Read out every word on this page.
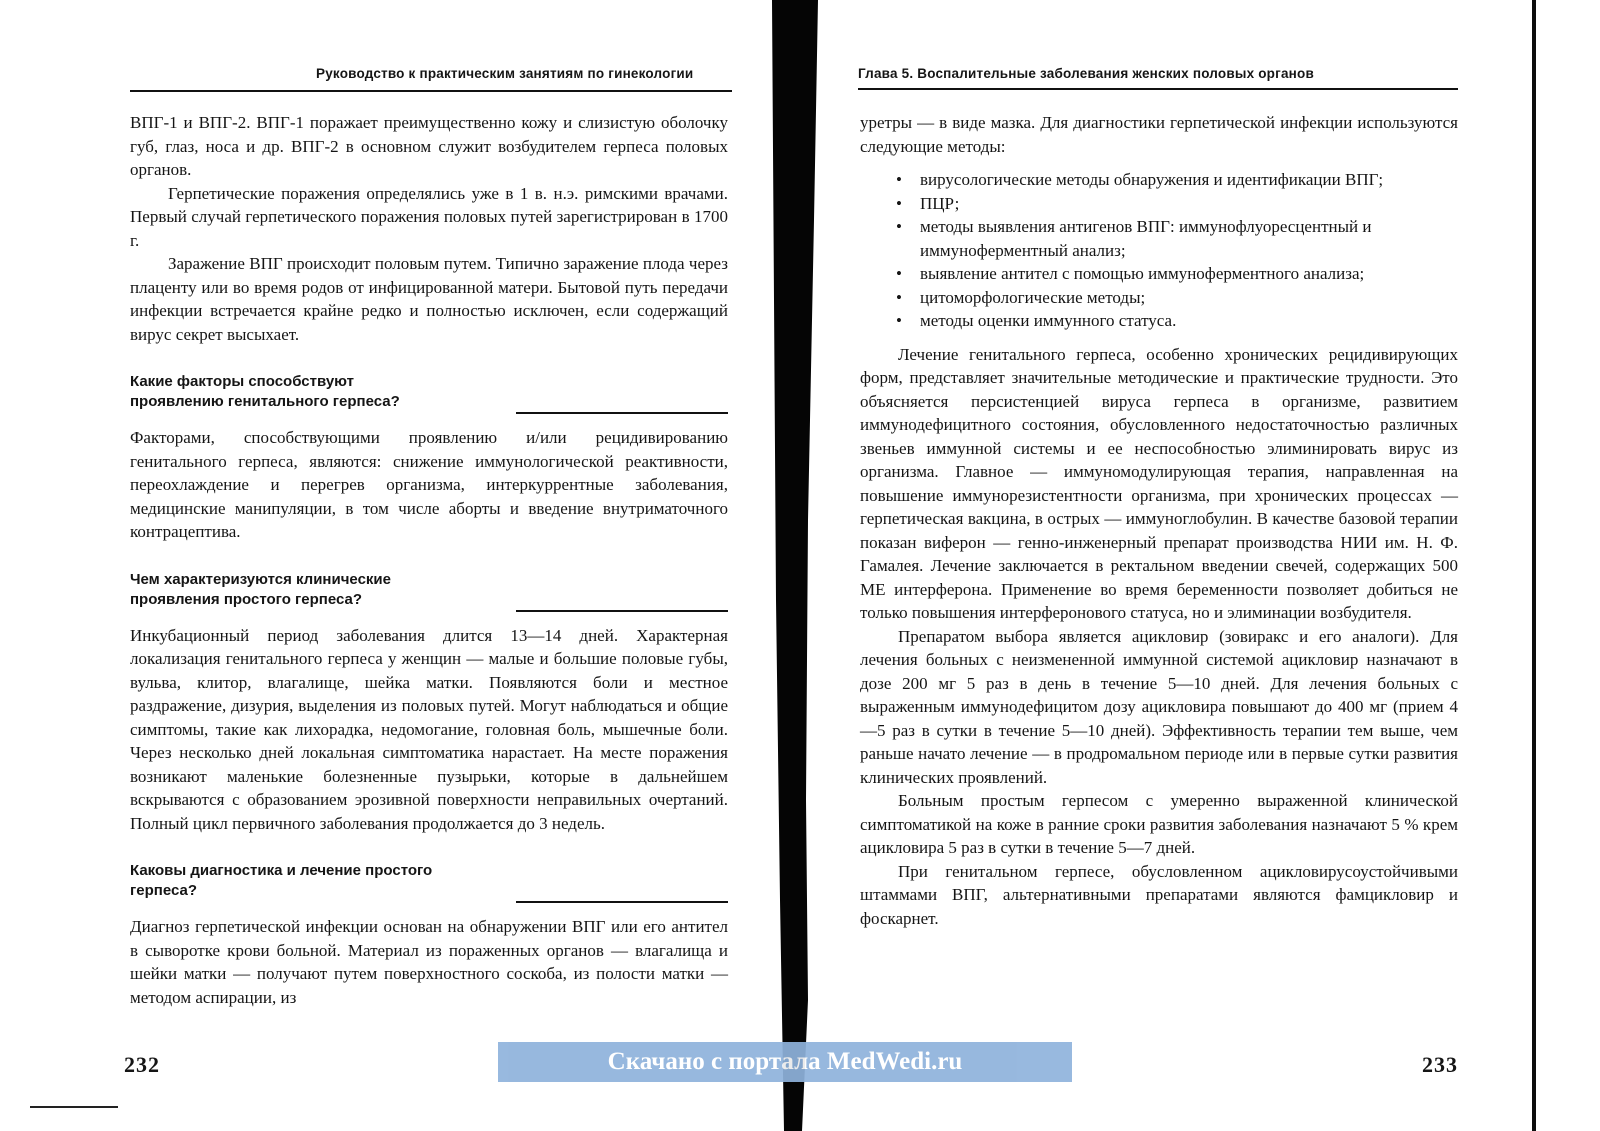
Руководство к практическим занятиям по гинекологии

ВПГ-1 и ВПГ-2. ВПГ-1 поражает преимущественно кожу и слизистую оболочку губ, глаз, носа и др. ВПГ-2 в основном служит возбудителем герпеса половых органов.

Герпетические поражения определялись уже в 1 в. н.э. римскими врачами. Первый случай герпетического поражения половых путей зарегистрирован в 1700 г.

Заражение ВПГ происходит половым путем. Типично заражение плода через плаценту или во время родов от инфицированной матери. Бытовой путь передачи инфекции встречается крайне редко и полностью исключен, если содержащий вирус секрет высыхает.

Какие факторы способствуют проявлению генитального герпеса?

Факторами, способствующими проявлению и/или рецидивированию генитального герпеса, являются: снижение иммунологической реактивности, переохлаждение и перегрев организма, интеркуррентные заболевания, медицинские манипуляции, в том числе аборты и введение внутриматочного контрацептива.

Чем характеризуются клинические проявления простого герпеса?

Инкубационный период заболевания длится 13—14 дней. Характерная локализация генитального герпеса у женщин — малые и большие половые губы, вульва, клитор, влагалище, шейка матки. Появляются боли и местное раздражение, дизурия, выделения из половых путей. Могут наблюдаться и общие симптомы, такие как лихорадка, недомогание, головная боль, мышечные боли. Через несколько дней локальная симптоматика нарастает. На месте поражения возникают маленькие болезненные пузырьки, которые в дальнейшем вскрываются с образованием эрозивной поверхности неправильных очертаний. Полный цикл первичного заболевания продолжается до 3 недель.

Каковы диагностика и лечение простого герпеса?

Диагноз герпетической инфекции основан на обнаружении ВПГ или его антител в сыворотке крови больной. Материал из пораженных органов — влагалища и шейки матки — получают путем поверхностного соскоба, из полости матки — методом аспирации, из

232
Глава 5. Воспалительные заболевания женских половых органов

уретры — в виде мазка. Для диагностики герпетической инфекции используются следующие методы:

• вирусологические методы обнаружения и идентификации ВПГ;
• ПЦР;
• методы выявления антигенов ВПГ: иммунофлуоресцентный и иммуноферментный анализ;
• выявление антител с помощью иммуноферментного анализа;
• цитоморфологические методы;
• методы оценки иммунного статуса.

Лечение генитального герпеса, особенно хронических рецидивирующих форм, представляет значительные методические и практические трудности. Это объясняется персистенцией вируса герпеса в организме, развитием иммунодефицитного состояния, обусловленного недостаточностью различных звеньев иммунной системы и ее неспособностью элиминировать вирус из организма. Главное — иммуномодулирующая терапия, направленная на повышение иммунорезистентности организма, при хронических процессах — герпетическая вакцина, в острых — иммуноглобулин. В качестве базовой терапии показан виферон — генно-инженерный препарат производства НИИ им. Н. Ф. Гамалея. Лечение заключается в ректальном введении свечей, содержащих 500 ME интерферона. Применение во время беременности позволяет добиться не только повышения интерферонового статуса, но и элиминации возбудителя.

Препаратом выбора является ацикловир (зовиракс и его аналоги). Для лечения больных с неизмененной иммунной системой ацикловир назначают в дозе 200 мг 5 раз в день в течение 5—10 дней. Для лечения больных с выраженным иммунодефицитом дозу ацикловира повышают до 400 мг (прием 4—5 раз в сутки в течение 5—10 дней). Эффективность терапии тем выше, чем раньше начато лечение — в продромальном периоде или в первые сутки развития клинических проявлений.

Больным простым герпесом с умеренно выраженной клинической симптоматикой на коже в ранние сроки развития заболевания назначают 5 % крем ацикловира 5 раз в сутки в течение 5—7 дней.

При генитальном герпесе, обусловленном ацикловирусоустойчивыми штаммами ВПГ, альтернативными препаратами являются фамцикловир и фоскарнет.

233
Скачано с портала MedWedi.ru
